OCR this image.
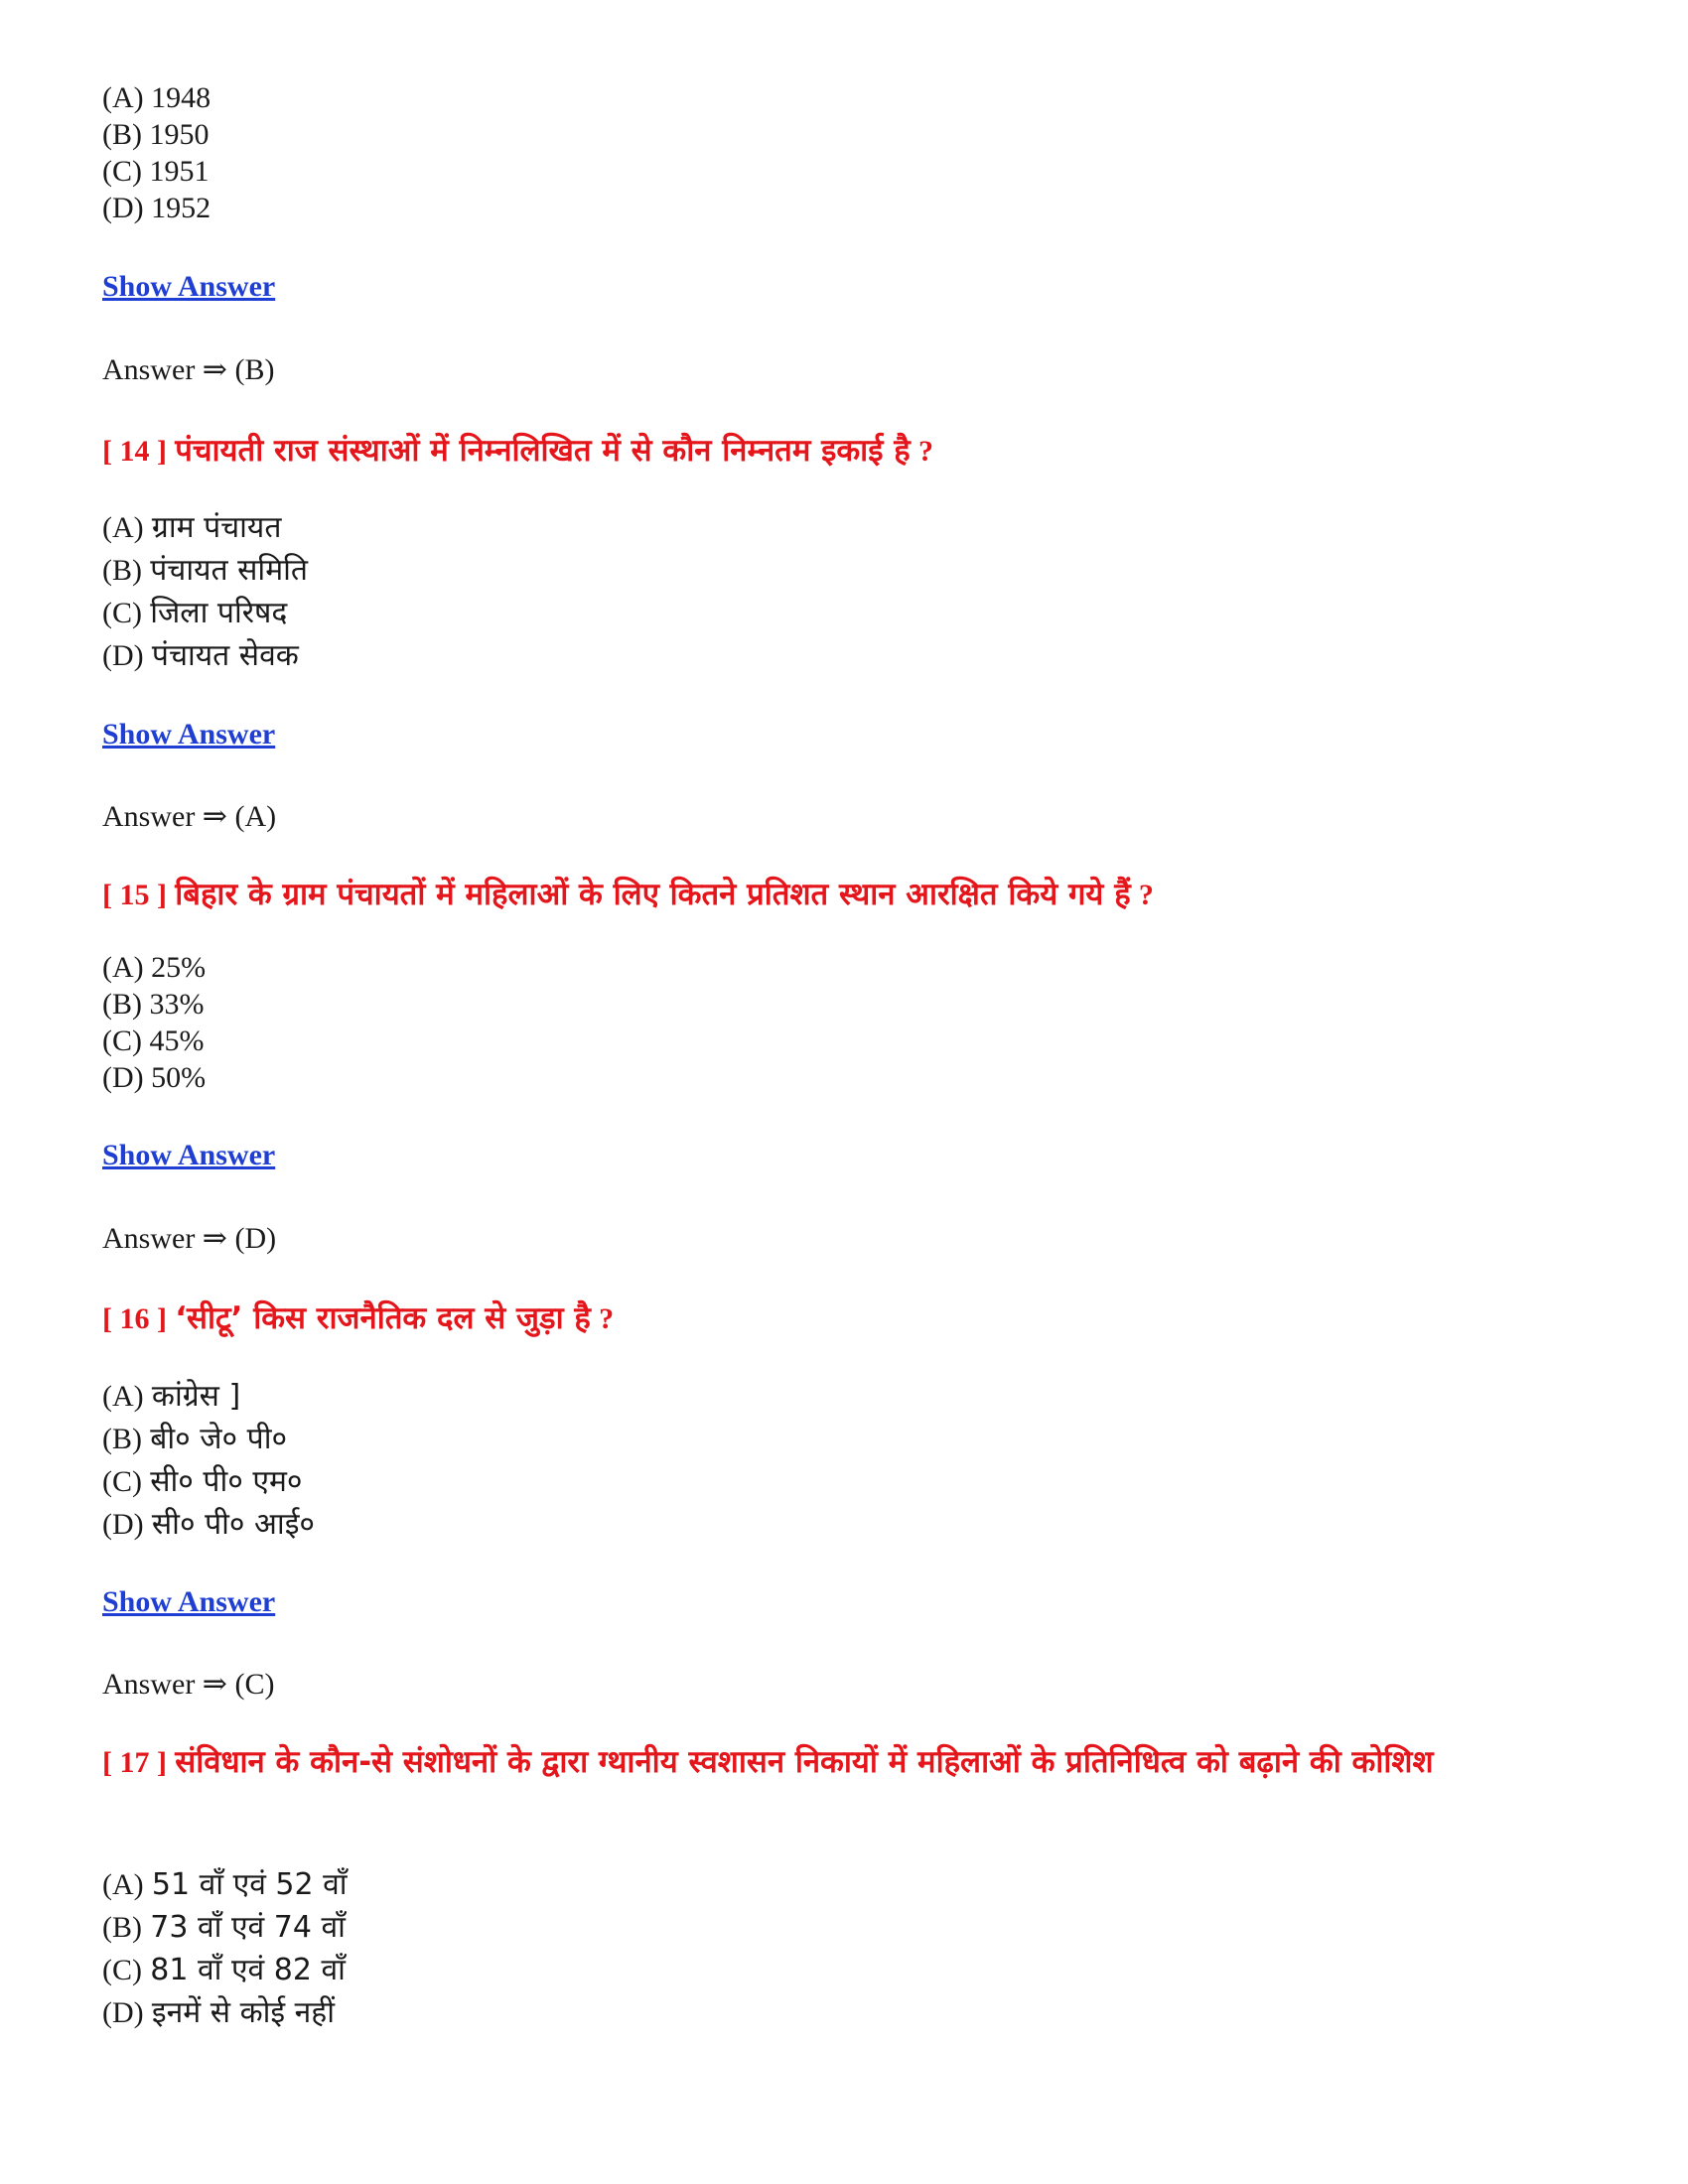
(A) 1948
(B) 1950
(C) 1951
(D) 1952
Show Answer
Answer ⇒ (B)
[ 14 ] पंचायती राज संस्थाओं में निम्नलिखित में से कौन निम्नतम इकाई है ?
(A) ग्राम पंचायत
(B) पंचायत समिति
(C) जिला परिषद
(D) पंचायत सेवक
Show Answer
Answer ⇒ (A)
[ 15 ] बिहार के ग्राम पंचायतों में महिलाओं के लिए कितने प्रतिशत स्थान आरक्षित किये गये हैं ?
(A) 25%
(B) 33%
(C) 45%
(D) 50%
Show Answer
Answer ⇒ (D)
[ 16 ] ‘सीटू’ किस राजनैतिक दल से जुड़ा है ?
(A) कांग्रेस ]
(B) बी० जे० पी०
(C) सी० पी० एम०
(D) सी० पी० आई०
Show Answer
Answer ⇒ (C)
[ 17 ] संविधान के कौन-से संशोधनों के द्वारा ग्थानीय स्वशासन निकायों में महिलाओं के प्रतिनिधित्व को बढ़ाने की कोशिश
(A) 51 वाँ एवं 52 वाँ
(B) 73 वाँ एवं 74 वाँ
(C) 81 वाँ एवं 82 वाँ
(D) इनमें से कोई नहीं
